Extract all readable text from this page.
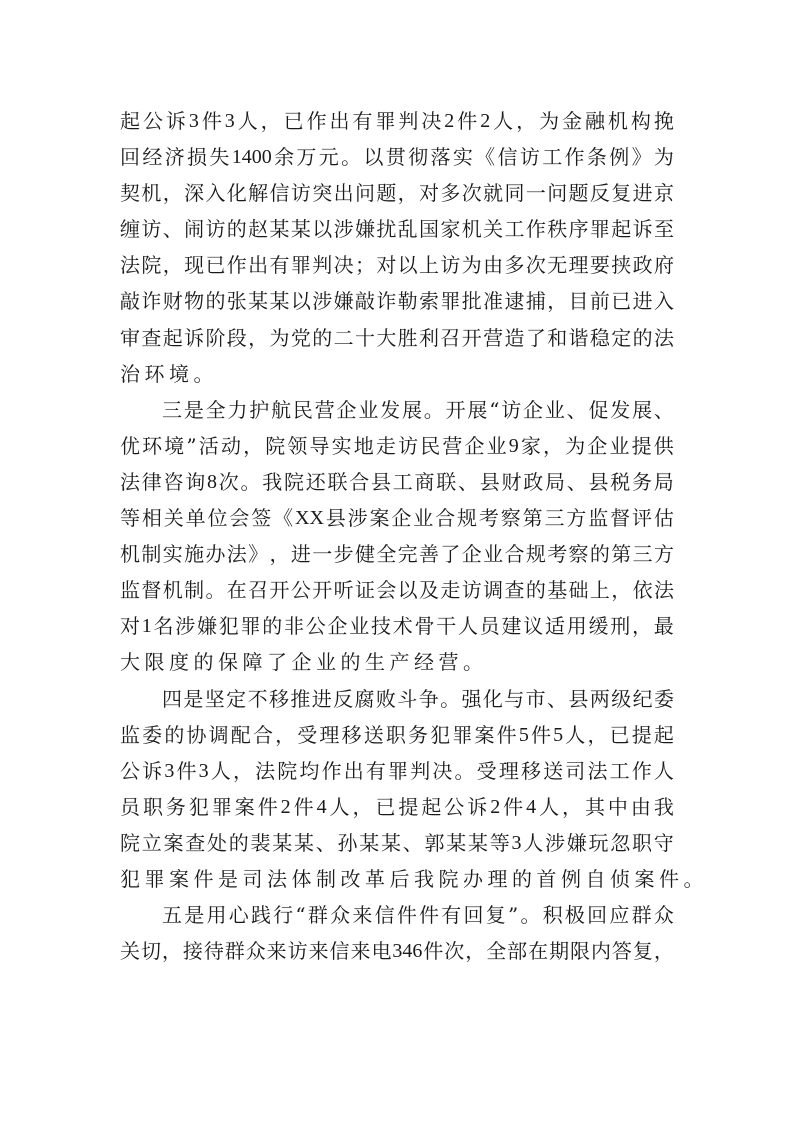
起 公 诉 3 件 3 人 ， 已 作 出 有 罪 判 决 2 件 2 人 ， 为 金 融 机 构 挽
回 经 济 损 失 1400 余 万 元 。 以 贯 彻 落 实 《 信 访 工 作 条 例 》 为
契 机 ， 深 入 化 解 信 访 突 出 问 题 ， 对 多 次 就 同 一 问 题 反 复 进 京
缠 访 、 闹 访 的 赵 某 某 以 涉 嫌 扰 乱 国 家 机 关 工 作 秩 序 罪 起 诉 至
法 院 ， 现 已 作 出 有 罪 判 决 ； 对 以 上 访 为 由 多 次 无 理 要 挟 政 府
敲 诈 财 物 的 张 某 某 以 涉 嫌 敲 诈 勒 索 罪 批 准 逮 捕 ， 目 前 已 进 入
审 查 起 诉 阶 段 ， 为 党 的 二 十 大 胜 利 召 开 营 造 了 和 谐 稳 定 的 法
治环境。
三 是 全 力 护 航 民 营 企 业 发 展 。 开 展 “ 访 企 业 、 促 发 展 、
优 环 境 ” 活 动 ， 院 领 导 实 地 走 访 民 营 企 业 9 家 ， 为 企 业 提 供
法 律 咨 询 8 次 。 我 院 还 联 合 县 工 商 联 、 县 财 政 局 、 县 税 务 局
等 相 关 单 位 会 签 《 XX 县 涉 案 企 业 合 规 考 察 第 三 方 监 督 评 估
机 制 实 施 办 法 》 ， 进 一 步 健 全 完 善 了 企 业 合 规 考 察 的 第 三 方
监 督 机 制 。 在 召 开 公 开 听 证 会 以 及 走 访 调 查 的 基 础 上 ， 依 法
对 1 名 涉 嫌 犯 罪 的 非 公 企 业 技 术 骨 干 人 员 建 议 适 用 缓 刑 ， 最
大限度的保障了企业的生产经营。
四 是 坚 定 不 移 推 进 反 腐 败 斗 争 。 强 化 与 市 、 县 两 级 纪 委
监 委 的 协 调 配 合 ， 受 理 移 送 职 务 犯 罪 案 件 5 件 5 人 ， 已 提 起
公 诉 3 件 3 人 ， 法 院 均 作 出 有 罪 判 决 。 受 理 移 送 司 法 工 作 人
员 职 务 犯 罪 案 件 2 件 4 人 ， 已 提 起 公 诉 2 件 4 人 ， 其 中 由 我
院 立 案 查 处 的 裴 某 某 、 孙 某 某 、 郭 某 某 等 3 人 涉 嫌 玩 忽 职 守
犯罪案件是司法体制改革后我院办理的首例自侦案件。
五 是 用 心 践 行 “ 群 众 来 信 件 件 有 回 复 ” 。 积 极 回 应 群 众
关 切 ， 接 待 群 众 来 访 来 信 来 电 346 件 次 ， 全 部 在 期 限 内 答 复 ，
